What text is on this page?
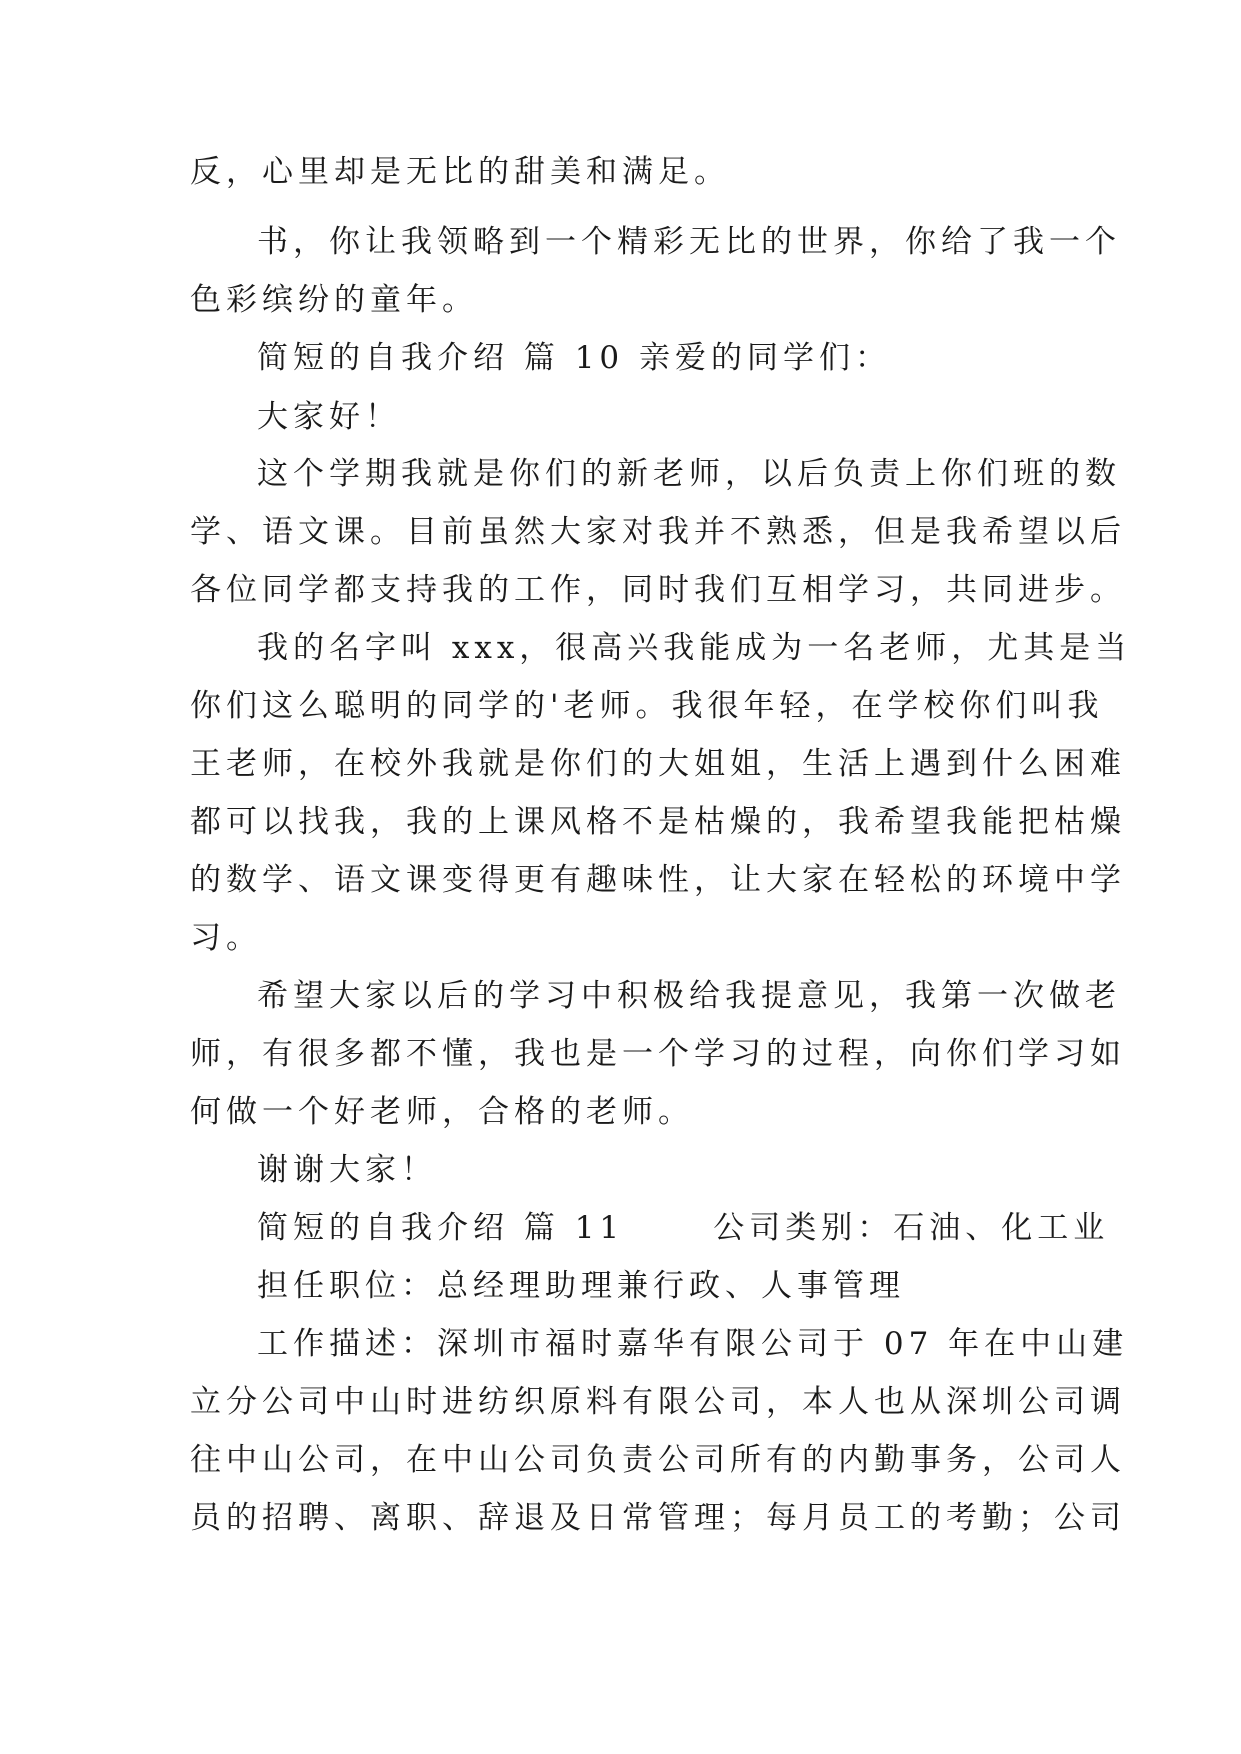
反，心里却是无比的甜美和满足。
书，你让我领略到一个精彩无比的世界，你给了我一个
色彩缤纷的童年。
简短的自我介绍 篇 10 亲爱的同学们：
大家好！
这个学期我就是你们的新老师，以后负责上你们班的数
学、语文课。目前虽然大家对我并不熟悉，但是我希望以后
各位同学都支持我的工作，同时我们互相学习，共同进步。
我的名字叫 xxx，很高兴我能成为一名老师，尤其是当
你们这么聪明的同学的'老师。我很年轻，在学校你们叫我
王老师，在校外我就是你们的大姐姐，生活上遇到什么困难
都可以找我，我的上课风格不是枯燥的，我希望我能把枯燥
的数学、语文课变得更有趣味性，让大家在轻松的环境中学
习。
希望大家以后的学习中积极给我提意见，我第一次做老
师，有很多都不懂，我也是一个学习的过程，向你们学习如
何做一个好老师，合格的老师。
谢谢大家！
简短的自我介绍 篇 11      公司类别：石油、化工业
担任职位：总经理助理兼行政、人事管理
工作描述：深圳市福时嘉华有限公司于 07 年在中山建
立分公司中山时进纺织原料有限公司，本人也从深圳公司调
往中山公司，在中山公司负责公司所有的内勤事务，公司人
员的招聘、离职、辞退及日常管理；每月员工的考勤；公司
